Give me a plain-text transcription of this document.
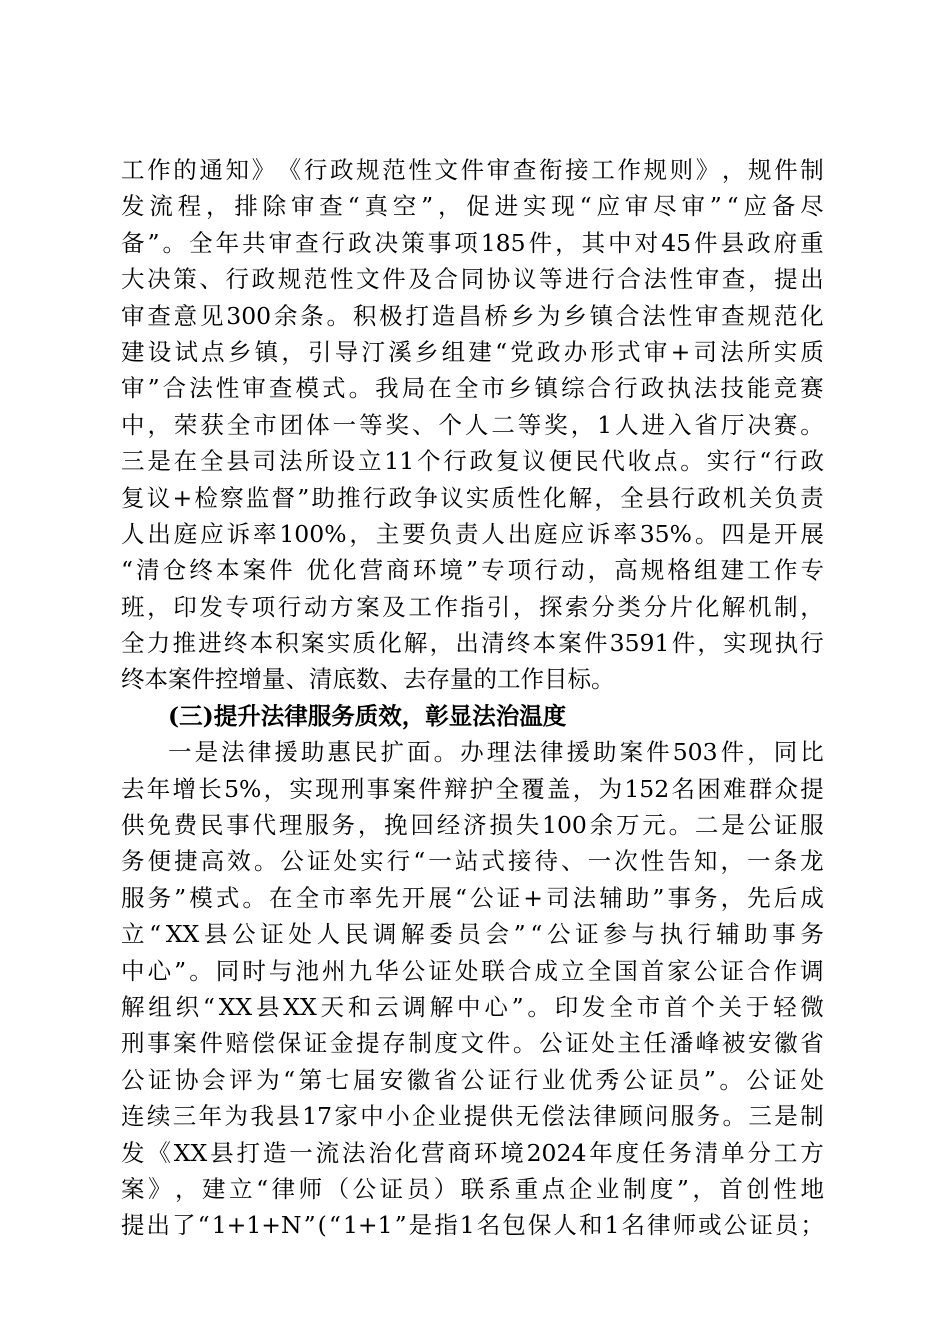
工 作 的 通 知 》 《 行 政 规 范 性 文 件 审 查 衔 接 工 作 规 则 》 ， 规 件 制
发 流 程 ， 排 除 审 查 “ 真 空 ” ， 促 进 实 现 “ 应 审 尽 审 ” “ 应 备 尽
备 ” 。 全 年 共 审 查 行 政 决 策 事 项 185 件 ， 其 中 对 45 件 县 政 府 重
大 决 策 、 行 政 规 范 性 文 件 及 合 同 协 议 等 进 行 合 法 性 审 查 ， 提 出
审 查 意 见 300 余 条 。 积 极 打 造 昌 桥 乡 为 乡 镇 合 法 性 审 查 规 范 化
建 设 试 点 乡 镇 ， 引 导 汀 溪 乡 组 建 “ 党 政 办 形 式 审 + 司 法 所 实 质
审 ” 合 法 性 审 查 模 式 。 我 局 在 全 市 乡 镇 综 合 行 政 执 法 技 能 竞 赛
中 ， 荣 获 全 市 团 体 一 等 奖 、 个 人 二 等 奖 ， 1 人 进 入 省 厅 决 赛 。
三 是 在 全 县 司 法 所 设 立 11 个 行 政 复 议 便 民 代 收 点 。 实 行 “ 行 政
复 议 + 检 察 监 督 ” 助 推 行 政 争 议 实 质 性 化 解 ， 全 县 行 政 机 关 负 责
人 出 庭 应 诉 率 100% ， 主 要 负 责 人 出 庭 应 诉 率 35% 。 四 是 开 展
“ 清 仓 终 本 案 件
优 化 营 商 环 境 ” 专 项 行 动 ， 高 规 格 组 建 工 作 专
班 ， 印 发 专 项 行 动 方 案 及 工 作 指 引 ， 探 索 分 类 分 片 化 解 机 制 ，
全 力 推 进 终 本 积 案 实 质 化 解 ， 出 清 终 本 案 件 3591 件 ， 实 现 执 行
终本案件控增量、清底数、去存量的工作目标。
(三)提升法律服务质效，彰显法治温度
一 是 法 律 援 助 惠 民 扩 面 。 办 理 法 律 援 助 案 件 503 件 ， 同 比
去 年 增 长 5% ， 实 现 刑 事 案 件 辩 护 全 覆 盖 ， 为 152 名 困 难 群 众 提
供 免 费 民 事 代 理 服 务 ， 挽 回 经 济 损 失 100 余 万 元 。 二 是 公 证 服
务 便 捷 高 效 。 公 证 处 实 行 “ 一 站 式 接 待 、 一 次 性 告 知 ， 一 条 龙
服 务 ” 模 式 。 在 全 市 率 先 开 展 “ 公 证 + 司 法 辅 助 ” 事 务 ， 先 后 成
立 “ XX 县 公 证 处 人 民 调 解 委 员 会 ” “ 公 证 参 与 执 行 辅 助 事 务
中 心 ” 。 同 时 与 池 州 九 华 公 证 处 联 合 成 立 全 国 首 家 公 证 合 作 调
解 组 织 “ XX 县 XX 天 和 云 调 解 中 心 ” 。 印 发 全 市 首 个 关 于 轻 微
刑 事 案 件 赔 偿 保 证 金 提 存 制 度 文 件 。 公 证 处 主 任 潘 峰 被 安 徽 省
公 证 协 会 评 为 “ 第 七 届 安 徽 省 公 证 行 业 优 秀 公 证 员 ” 。 公 证 处
连 续 三 年 为 我 县 17 家 中 小 企 业 提 供 无 偿 法 律 顾 问 服 务 。 三 是 制
发 《 XX 县 打 造 一 流 法 治 化 营 商 环 境 2024 年 度 任 务 清 单 分 工 方
案 》 ， 建 立 “ 律 师 （ 公 证 员 ） 联 系 重 点 企 业 制 度 ” ， 首 创 性 地
提 出 了 “ 1+1+N ” ( “ 1+1 ” 是 指 1 名 包 保 人 和 1 名 律 师 或 公 证 员 ；
